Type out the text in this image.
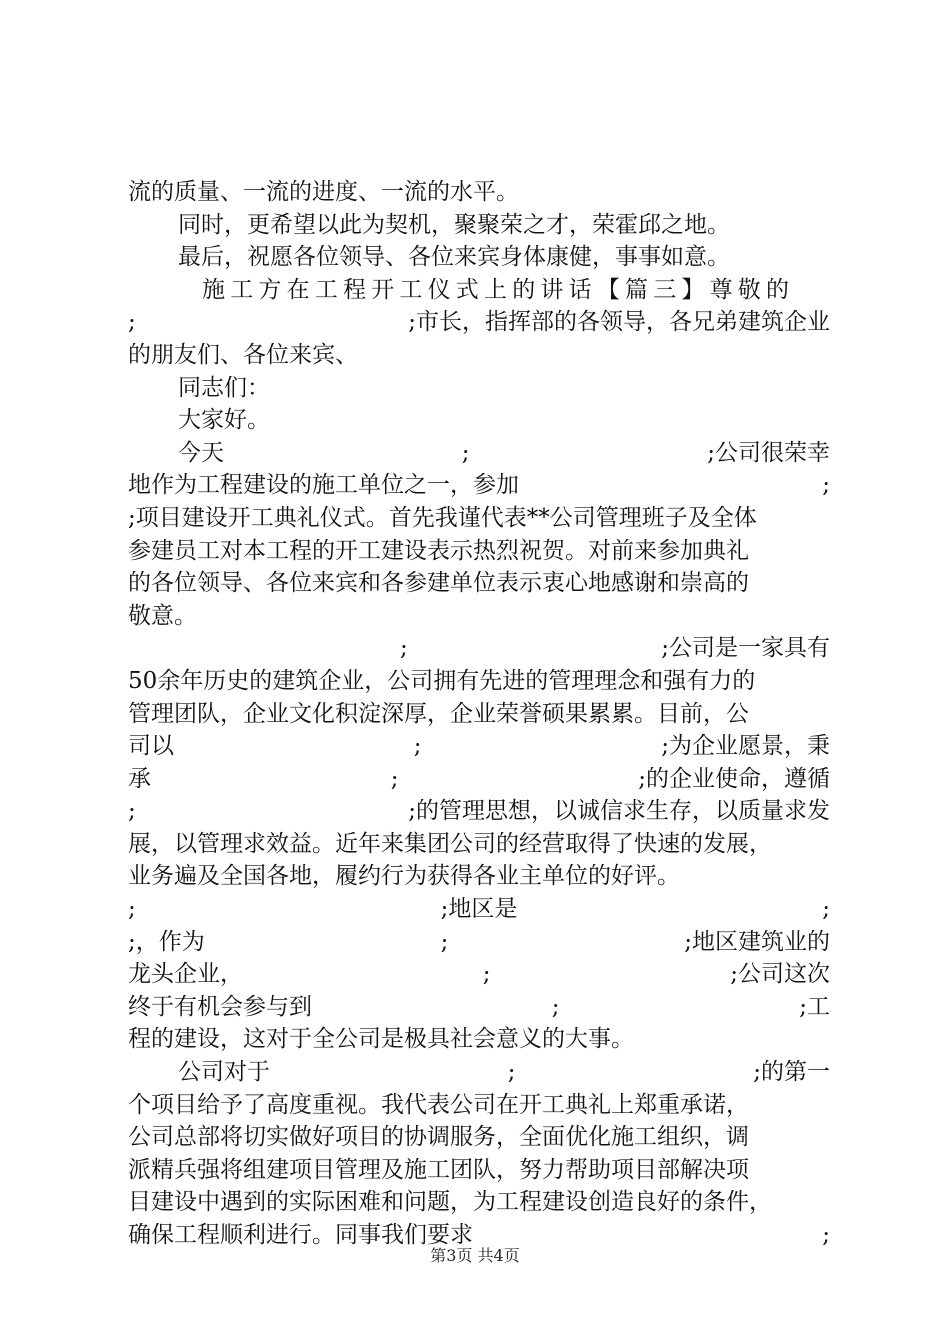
流的质量、一流的进度、一流的水平。
同时，更希望以此为契机，聚聚荣之才，荣霍邱之地。
最后，祝愿各位领导、各位来宾身体康健，事事如意。
施工方在工程开工仪式上的讲话【篇三】尊敬的
;	;市长，指挥部的各领导，各兄弟建筑企业
的朋友们、各位来宾、
同志们：
大家好。
今天	;	;公司很荣幸
地作为工程建设的施工单位之一，参加	;
;项目建设开工典礼仪式。首先我谨代表**公司管理班子及全体
参建员工对本工程的开工建设表示热烈祝贺。对前来参加典礼
的各位领导、各位来宾和各参建单位表示衷心地感谢和崇高的
敬意。
;	;公司是一家具有
50余年历史的建筑企业，公司拥有先进的管理理念和强有力的
管理团队，企业文化积淀深厚，企业荣誉硕果累累。目前，公
司以	;	;为企业愿景，秉
承	;	;的企业使命，遵循
;	;的管理思想，以诚信求生存，以质量求发
展，以管理求效益。近年来集团公司的经营取得了快速的发展，
业务遍及全国各地，履约行为获得各业主单位的好评。
;	;地区是	;
;，作为	;	;地区建筑业的
龙头企业，	;	;公司这次
终于有机会参与到	;	;工
程的建设，这对于全公司是极具社会意义的大事。
公司对于	;	;的第一
个项目给予了高度重视。我代表公司在开工典礼上郑重承诺，
公司总部将切实做好项目的协调服务，全面优化施工组织，调
派精兵强将组建项目管理及施工团队，努力帮助项目部解决项
目建设中遇到的实际困难和问题，为工程建设创造良好的条件，
确保工程顺利进行。同事我们要求	;
第3页 共4页
